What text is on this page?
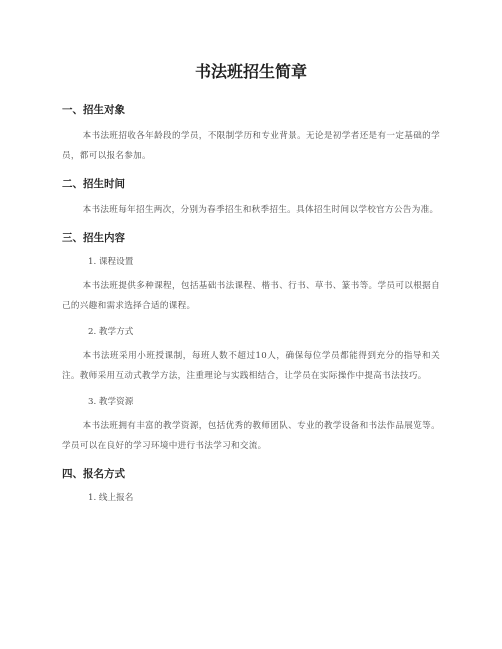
书法班招生简章
一、招生对象

本书法班招收各年龄段的学员，不限制学历和专业背景。无论是初学者还是有一定基础的学员，都可以报名参加。

二、招生时间

本书法班每年招生两次，分别为春季招生和秋季招生。具体招生时间以学校官方公告为准。

三、招生内容

1. 课程设置

本书法班提供多种课程，包括基础书法课程、楷书、行书、草书、篆书等。学员可以根据自己的兴趣和需求选择合适的课程。

2. 教学方式

本书法班采用小班授课制，每班人数不超过10人，确保每位学员都能得到充分的指导和关注。教师采用互动式教学方法，注重理论与实践相结合，让学员在实际操作中提高书法技巧。

3. 教学资源

本书法班拥有丰富的教学资源，包括优秀的教师团队、专业的教学设备和书法作品展览等。学员可以在良好的学习环境中进行书法学习和交流。

四、报名方式

1. 线上报名
